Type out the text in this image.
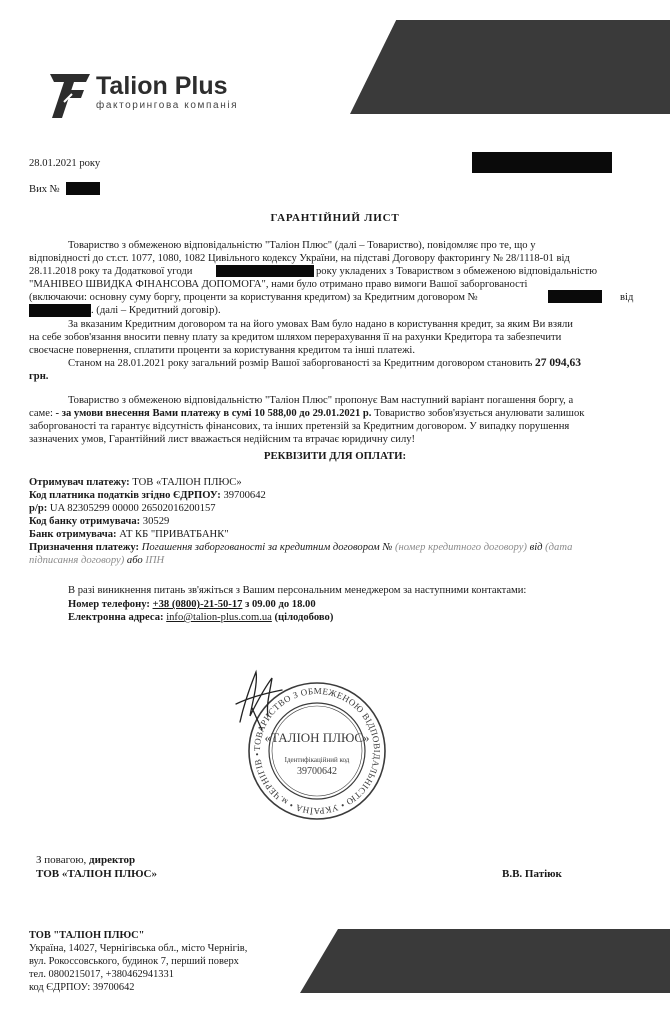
Talion Plus
факторингова компанія
28.01.2021 року
Вих №
ГАРАНТІЙНИЙ ЛИСТ
Товариство з обмеженою відповідальністю "Таліон Плюс" (далі – Товариство), повідомляє про те, що у
відповідності до ст.ст. 1077, 1080, 1082 Цивільного кодексу України, на підставі Договору факторингу № 28/1118-01 від
28.11.2018 року та Додаткової угоди	року укладених з Товариством з обмеженою відповідальністю
"МАНІВЕО ШВИДКА ФІНАНСОВА ДОПОМОГА", нами було отримано право вимоги Вашої заборгованості
(включаючи: основну суму боргу, проценти за користування кредитом) за Кредитним договором №	від
. (далі – Кредитний договір).
За вказаним Кредитним договором та на його умовах Вам було надано в користування кредит, за яким Ви взяли
на себе зобов'язання вносити певну плату за кредитом шляхом перерахування її на рахунки Кредитора та забезпечити
своєчасне повернення, сплатити проценти за користування кредитом та інші платежі.
Станом на 28.01.2021 року загальний розмір Вашої заборгованості за Кредитним договором становить 27 094,63
грн.
Товариство з обмеженою відповідальністю "Таліон Плюс" пропонує Вам наступний варіант погашення боргу, а
саме: - за умови внесення Вами платежу в сумі 10 588,00 до 29.01.2021 р. Товариство зобов'язується анулювати залишок
заборгованості та гарантує відсутність фінансових, та інших претензій за Кредитним договором. У випадку порушення
зазначених умов, Гарантійний лист вважається недійсним та втрачає юридичну силу!
РЕКВІЗИТИ ДЛЯ ОПЛАТИ:
Отримувач платежу: ТОВ «ТАЛІОН ПЛЮС»
Код платника податків згідно ЄДРПОУ: 39700642
р/р: UA 82305299 00000 26502016200157
Код банку отримувача: 30529
Банк отримувача: АТ КБ "ПРИВАТБАНК"
Призначення платежу: Погашення заборгованості за кредитним договором № (номер кредитного договору) від (дата
підписання договору) або ІПН
В разі виникнення питань зв'яжіться з Вашим персональним менеджером за наступними контактами:
Номер телефону: +38 (0800)-21-50-17 з 09.00 до 18.00
Електронна адреса: info@talion-plus.com.ua (цілодобово)
ТОВАРИСТВО З ОБМЕЖЕНОЮ ВІДПОВІДАЛЬНІСТЮ • УКРАЇНА • м.ЧЕРНІГІВ •
«ТАЛІОН ПЛЮС»
Ідентифікаційний код
39700642
З повагою, директор
ТОВ «ТАЛІОН ПЛЮС»	В.В. Патіюк
ТОВ "ТАЛІОН ПЛЮС"
Україна, 14027, Чернігівська обл., місто Чернігів,
вул. Рокоссовського, будинок 7, перший поверх
тел. 0800215017, +380462941331
код ЄДРПОУ: 39700642
